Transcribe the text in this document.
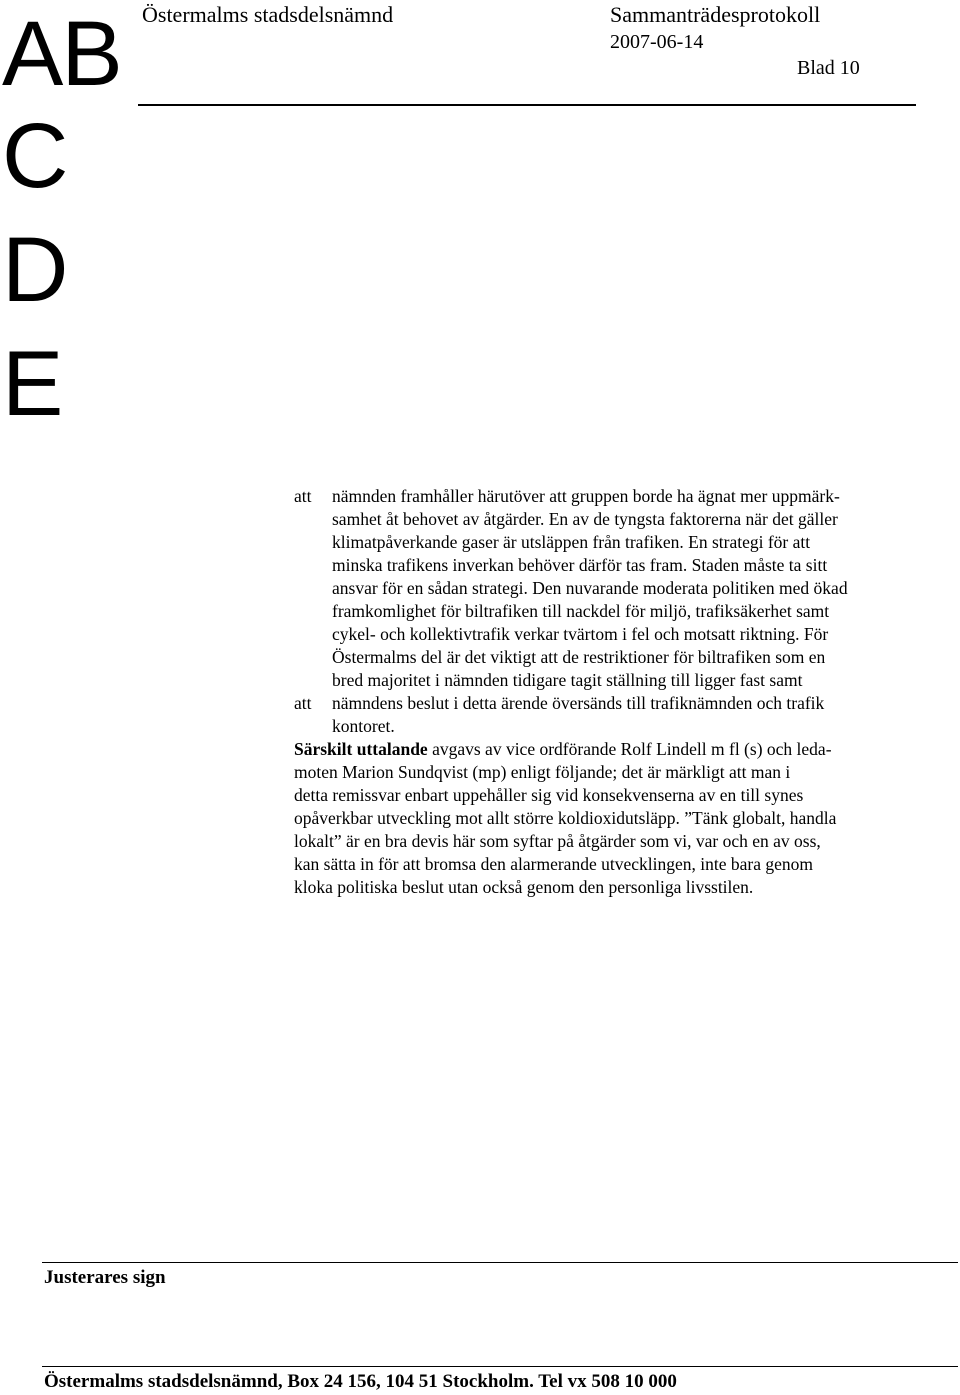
AB
C
D
E
Östermalms stadsdelsnämnd	Sammanträdesprotokoll
2007-06-14
Blad 10
att nämnden framhåller härutöver att gruppen borde ha ägnat mer uppmärk-
samhet åt behovet av åtgärder. En av de tyngsta faktorerna när det gäller
klimatpåverkande gaser är utsläppen från trafiken. En strategi för att
minska trafikens inverkan behöver därför tas fram. Staden måste ta sitt
ansvar för en sådan strategi. Den nuvarande moderata politiken med ökad
framkomlighet för biltrafiken till nackdel för miljö, trafiksäkerhet samt
cykel- och kollektivtrafik verkar tvärtom i fel och motsatt riktning. För
Östermalms del är det viktigt att de restriktioner för biltrafiken som en
bred majoritet i nämnden tidigare tagit ställning till ligger fast samt
att nämndens beslut i detta ärende översänds till trafiknämnden och trafik
kontoret.
Särskilt uttalande avgavs av vice ordförande Rolf Lindell m fl (s) och leda-
moten Marion Sundqvist (mp) enligt följande; det är märkligt att man i
detta remissvar enbart uppehåller sig vid konsekvenserna av en till synes
opåverkbar utveckling mot allt större koldioxidutsläpp. ”Tänk globalt, handla
lokalt” är en bra devis här som syftar på åtgärder som vi, var och en av oss,
kan sätta in för att bromsa den alarmerande utvecklingen, inte bara genom
kloka politiska beslut utan också genom den personliga livsstilen.
Justerares sign
Östermalms stadsdelsnämnd, Box 24 156, 104 51 Stockholm. Tel vx 508 10 000
